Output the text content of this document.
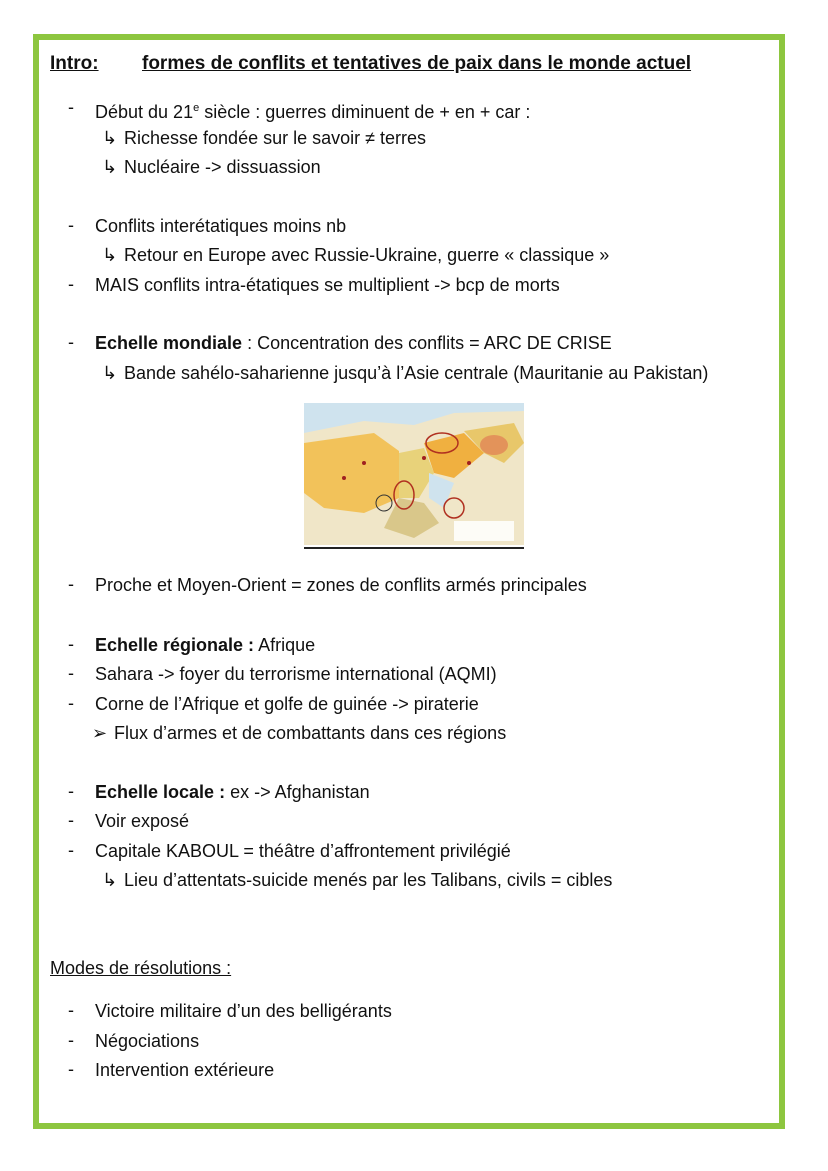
Intro: formes de conflits et tentatives de paix dans le monde actuel
- Début du 21e siècle : guerres diminuent de + en + car :
↳ Richesse fondée sur le savoir ≠ terres
↳ Nucléaire -> dissuassion
- Conflits interétatiques moins nb
↳ Retour en Europe avec Russie-Ukraine, guerre « classique »
- MAIS conflits intra-étatiques se multiplient -> bcp de morts
- Echelle mondiale : Concentration des conflits = ARC DE CRISE
↳ Bande sahélo-saharienne jusqu’à l’Asie centrale (Mauritanie au Pakistan)
- Proche et Moyen-Orient = zones de conflits armés principales
- Echelle régionale : Afrique
- Sahara -> foyer du terrorisme international (AQMI)
- Corne de l’Afrique et golfe de guinée -> piraterie
➢ Flux d’armes et de combattants dans ces régions
- Echelle locale : ex -> Afghanistan
- Voir exposé
- Capitale KABOUL = théâtre d’affrontement privilégié
↳ Lieu d’attentats-suicide menés par les Talibans, civils = cibles
Modes de résolutions :
- Victoire militaire d’un des belligérants
- Négociations
- Intervention extérieure
